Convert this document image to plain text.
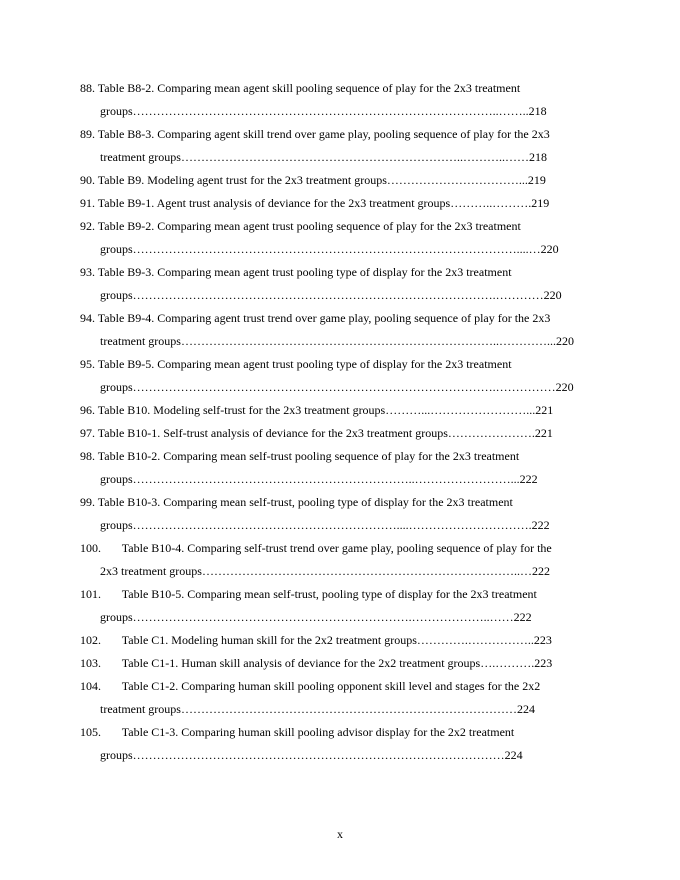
88. Table B8-2. Comparing mean agent skill pooling sequence of play for the 2x3 treatment
groups………………………………………………………………………………..……..218
89. Table B8-3. Comparing agent skill trend over game play, pooling sequence of play for the 2x3
treatment groups……………………………………………………………..………..……218
90. Table B9. Modeling agent trust for the 2x3 treatment groups……………………………...219
91. Table B9-1. Agent trust analysis of deviance for the 2x3 treatment groups………..……….219
92. Table B9-2. Comparing mean agent trust pooling sequence of play for the 2x3 treatment
groups……………………………………………………………………………………....…220
93. Table B9-3. Comparing mean agent trust pooling type of display for the 2x3 treatment
groups……………………………………………………………………………….…………220
94. Table B9-4. Comparing agent trust trend over game play, pooling sequence of play for the 2x3
treatment groups……………………………………………………………………..…………...220
95. Table B9-5. Comparing mean agent trust pooling type of display for the 2x3 treatment
groups……………………………………………………………………………….……………220
96. Table B10. Modeling self-trust for the 2x3 treatment groups………...……………………...221
97. Table B10-1. Self-trust analysis of deviance for the 2x3 treatment groups………………….221
98. Table B10-2. Comparing mean self-trust pooling sequence of play for the 2x3 treatment
groups……………………………………………………………..……………………...222
99. Table B10-3. Comparing mean self-trust, pooling type of display for the 2x3 treatment
groups…………………………………………………………....………………………….222
100. Table B10-4. Comparing self-trust trend over game play, pooling sequence of play for the
2x3 treatment groups……………………………………………………………………..…222
101. Table B10-5. Comparing mean self-trust, pooling type of display for the 2x3 treatment
groups…………………………………………………………….………………..……222
102. Table C1. Modeling human skill for the 2x2 treatment groups………….……………..223
103. Table C1-1. Human skill analysis of deviance for the 2x2 treatment groups….……….223
104. Table C1-2. Comparing human skill pooling opponent skill level and stages for the 2x2
treatment groups…………………………………………………………………………224
105. Table C1-3. Comparing human skill pooling advisor display for the 2x2 treatment
groups…………………………………………………………………………………224
x
